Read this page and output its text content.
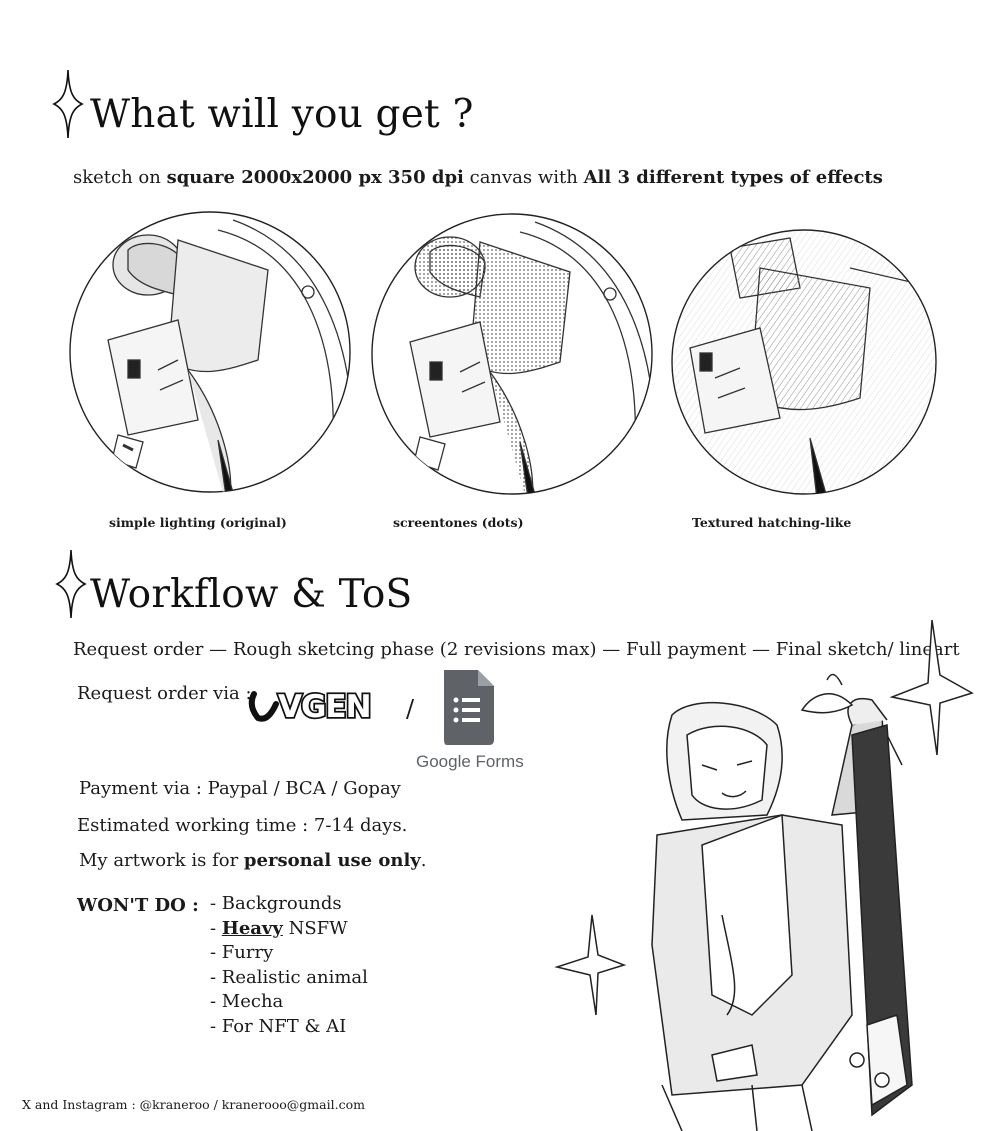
What will you get ?
sketch on square 2000x2000 px 350 dpi canvas with All 3 different types of effects
simple lighting (original)	screentones (dots)	Textured hatching-like
Workflow & ToS
Request order — Rough sketcing phase (2 revisions max) — Full payment — Final sketch/ lineart
Request order via : VGEN /
Google Forms
Payment via : Paypal / BCA / Gopay
Estimated working time : 7-14 days.
My artwork is for personal use only.
WON'T DO : - Backgrounds
- Heavy NSFW
- Furry
- Realistic animal
- Mecha
- For NFT & AI
X and Instagram : @kraneroo / kranerooo@gmail.com
